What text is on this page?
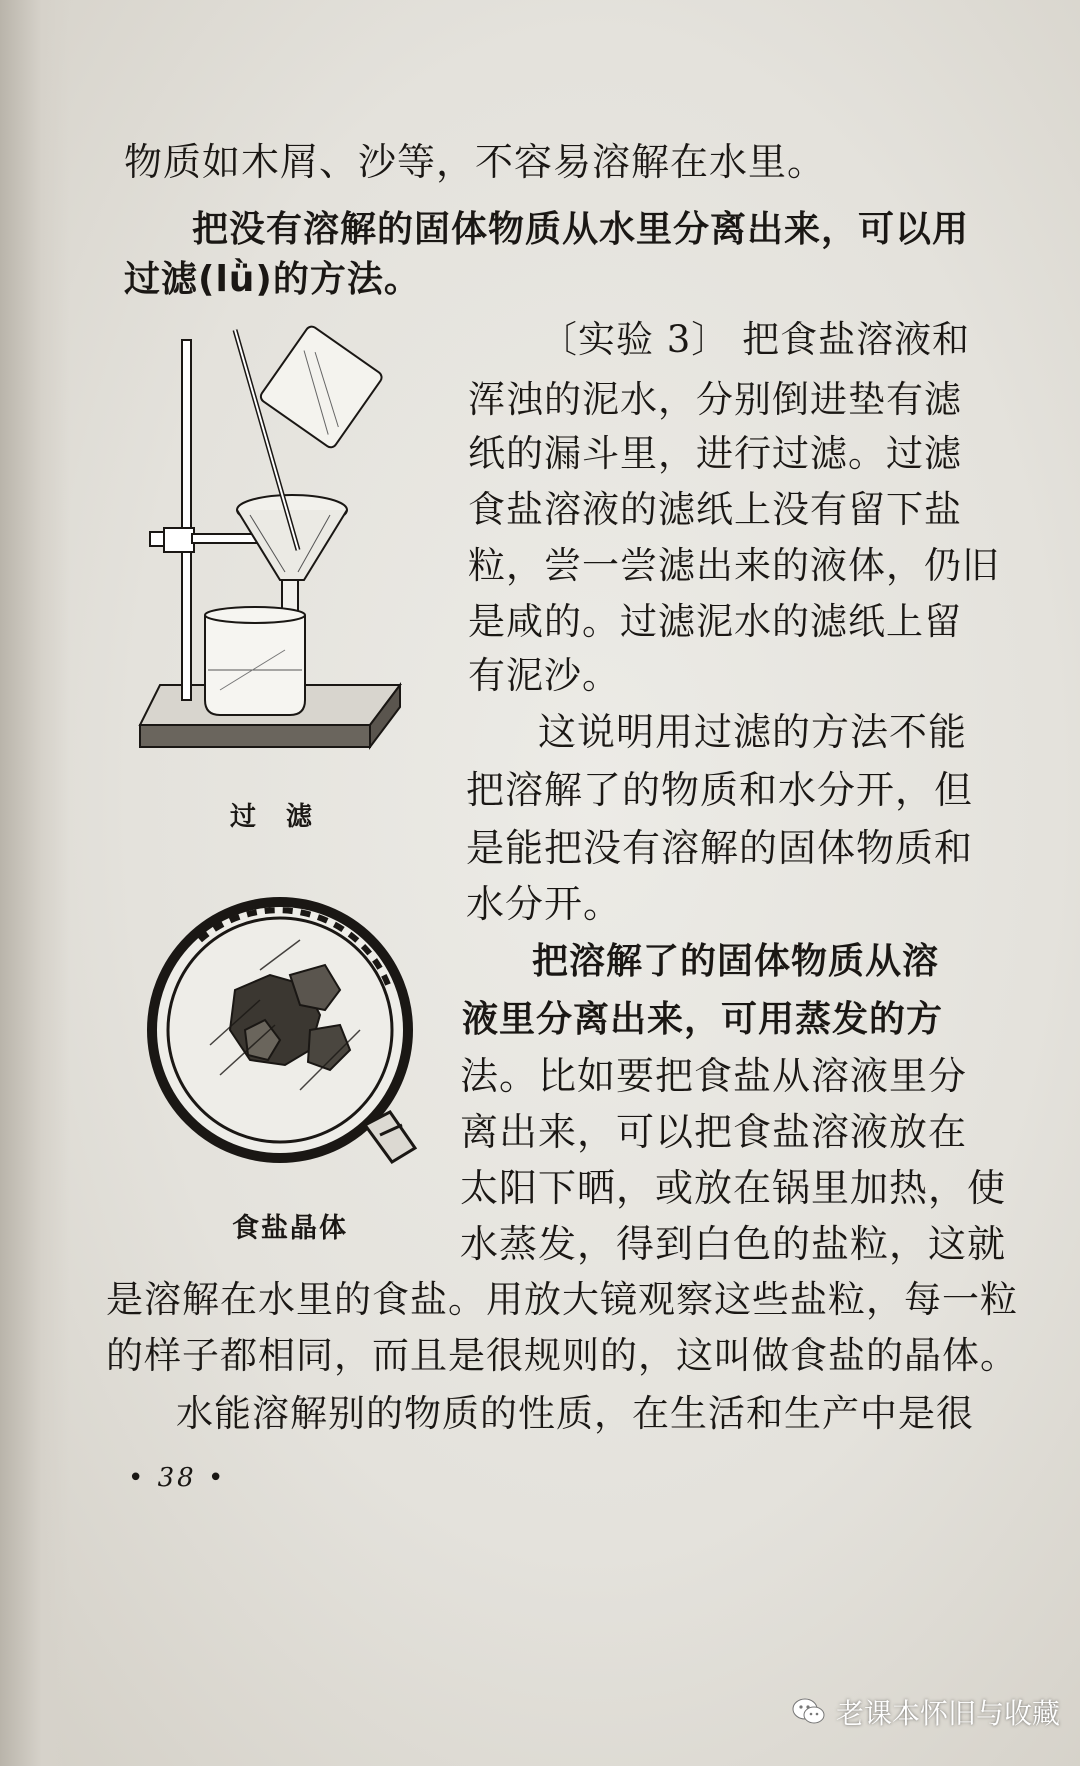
物质如木屑、沙等，不容易溶解在水里。
把没有溶解的固体物质从水里分离出来，可以用
过滤(lǜ)的方法。
〔实验 3〕 把食盐溶液和
浑浊的泥水，分别倒进垫有滤
纸的漏斗里，进行过滤。过滤
食盐溶液的滤纸上没有留下盐
粒，尝一尝滤出来的液体，仍旧
是咸的。过滤泥水的滤纸上留
有泥沙。
这说明用过滤的方法不能
把溶解了的物质和水分开，但
是能把没有溶解的固体物质和
水分开。
把溶解了的固体物质从溶
液里分离出来，可用蒸发的方
法。比如要把食盐从溶液里分
离出来，可以把食盐溶液放在
太阳下晒，或放在锅里加热，使
水蒸发，得到白色的盐粒，这就
是溶解在水里的食盐。用放大镜观察这些盐粒，每一粒
的样子都相同，而且是很规则的，这叫做食盐的晶体。
水能溶解别的物质的性质，在生活和生产中是很
过　滤
食盐晶体
• 38 •
老课本怀旧与收藏
